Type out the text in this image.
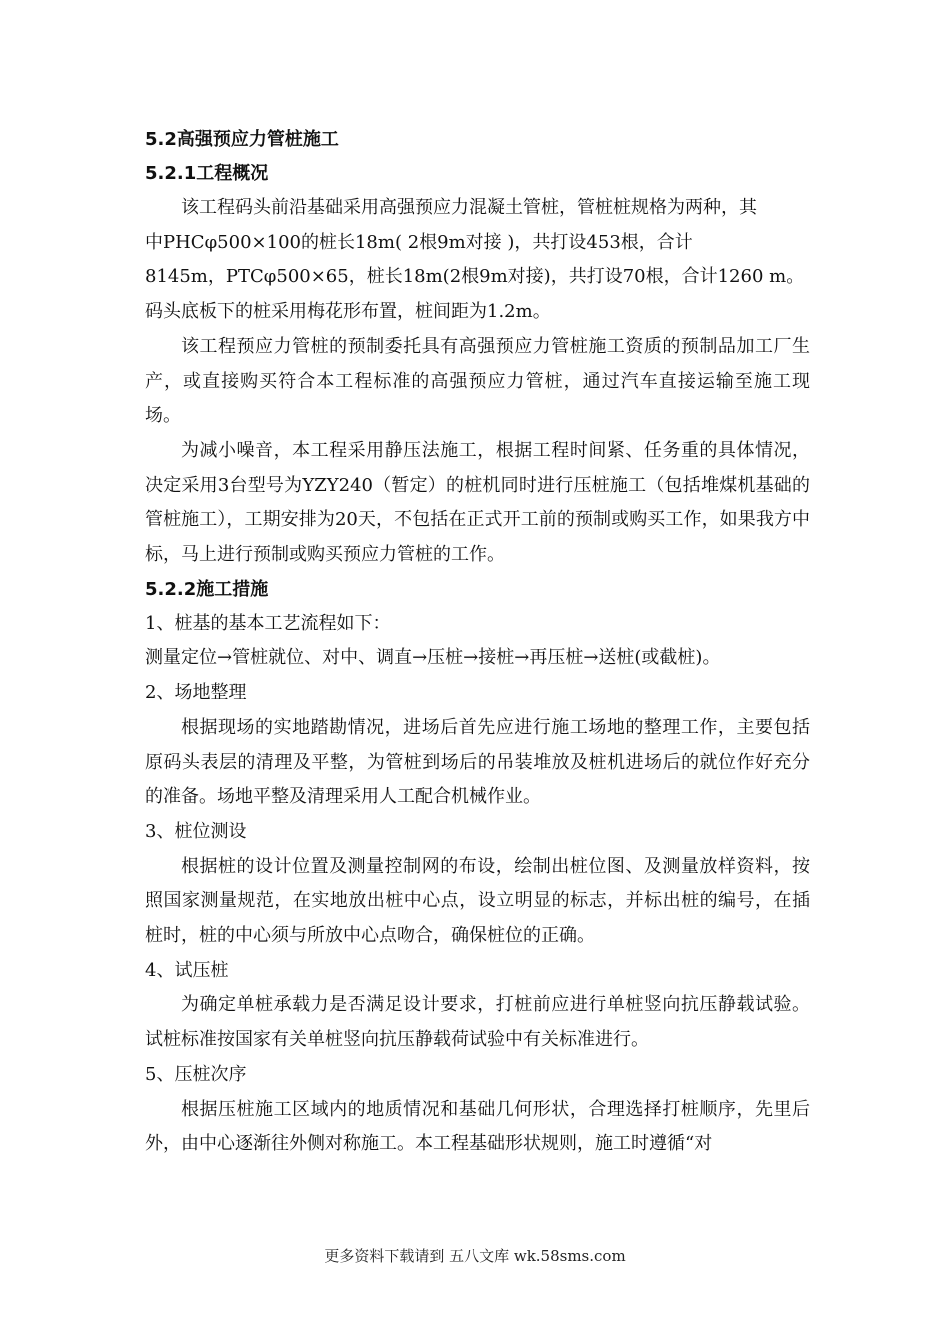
5.2高强预应力管桩施工
5.2.1工程概况
该工程码头前沿基础采用高强预应力混凝土管桩，管桩桩规格为两种，其
中PHCφ500×100的桩长18m( 2根9m对接 )，共打设453根，合计
8145m，PTCφ500×65，桩长18m(2根9m对接)，共打设70根，合计1260 m。
码头底板下的桩采用梅花形布置，桩间距为1.2m。

该工程预应力管桩的预制委托具有高强预应力管桩施工资质的预制品加工厂生产，或直接购买符合本工程标准的高强预应力管桩，通过汽车直接运输至施工现场。

为减小噪音，本工程采用静压法施工，根据工程时间紧、任务重的具体情况，决定采用3台型号为YZY240（暂定）的桩机同时进行压桩施工（包括堆煤机基础的管桩施工），工期安排为20天，不包括在正式开工前的预制或购买工作，如果我方中标，马上进行预制或购买预应力管桩的工作。

5.2.2施工措施
1、桩基的基本工艺流程如下：
测量定位→管桩就位、对中、调直→压桩→接桩→再压桩→送桩(或截桩)。
2、场地整理

根据现场的实地踏勘情况，进场后首先应进行施工场地的整理工作，主要包括原码头表层的清理及平整，为管桩到场后的吊装堆放及桩机进场后的就位作好充分的准备。场地平整及清理采用人工配合机械作业。

3、桩位测设

根据桩的设计位置及测量控制网的布设，绘制出桩位图、及测量放样资料，按照国家测量规范，在实地放出桩中心点，设立明显的标志，并标出桩的编号，在插桩时，桩的中心须与所放中心点吻合，确保桩位的正确。

4、试压桩

为确定单桩承载力是否满足设计要求，打桩前应进行单桩竖向抗压静载试验。试桩标准按国家有关单桩竖向抗压静载荷试验中有关标准进行。

5、压桩次序

根据压桩施工区域内的地质情况和基础几何形状，合理选择打桩顺序，先里后外，由中心逐渐往外侧对称施工。本工程基础形状规则，施工时遵循“对

更多资料下载请到 五八文库 wk.58sms.com
